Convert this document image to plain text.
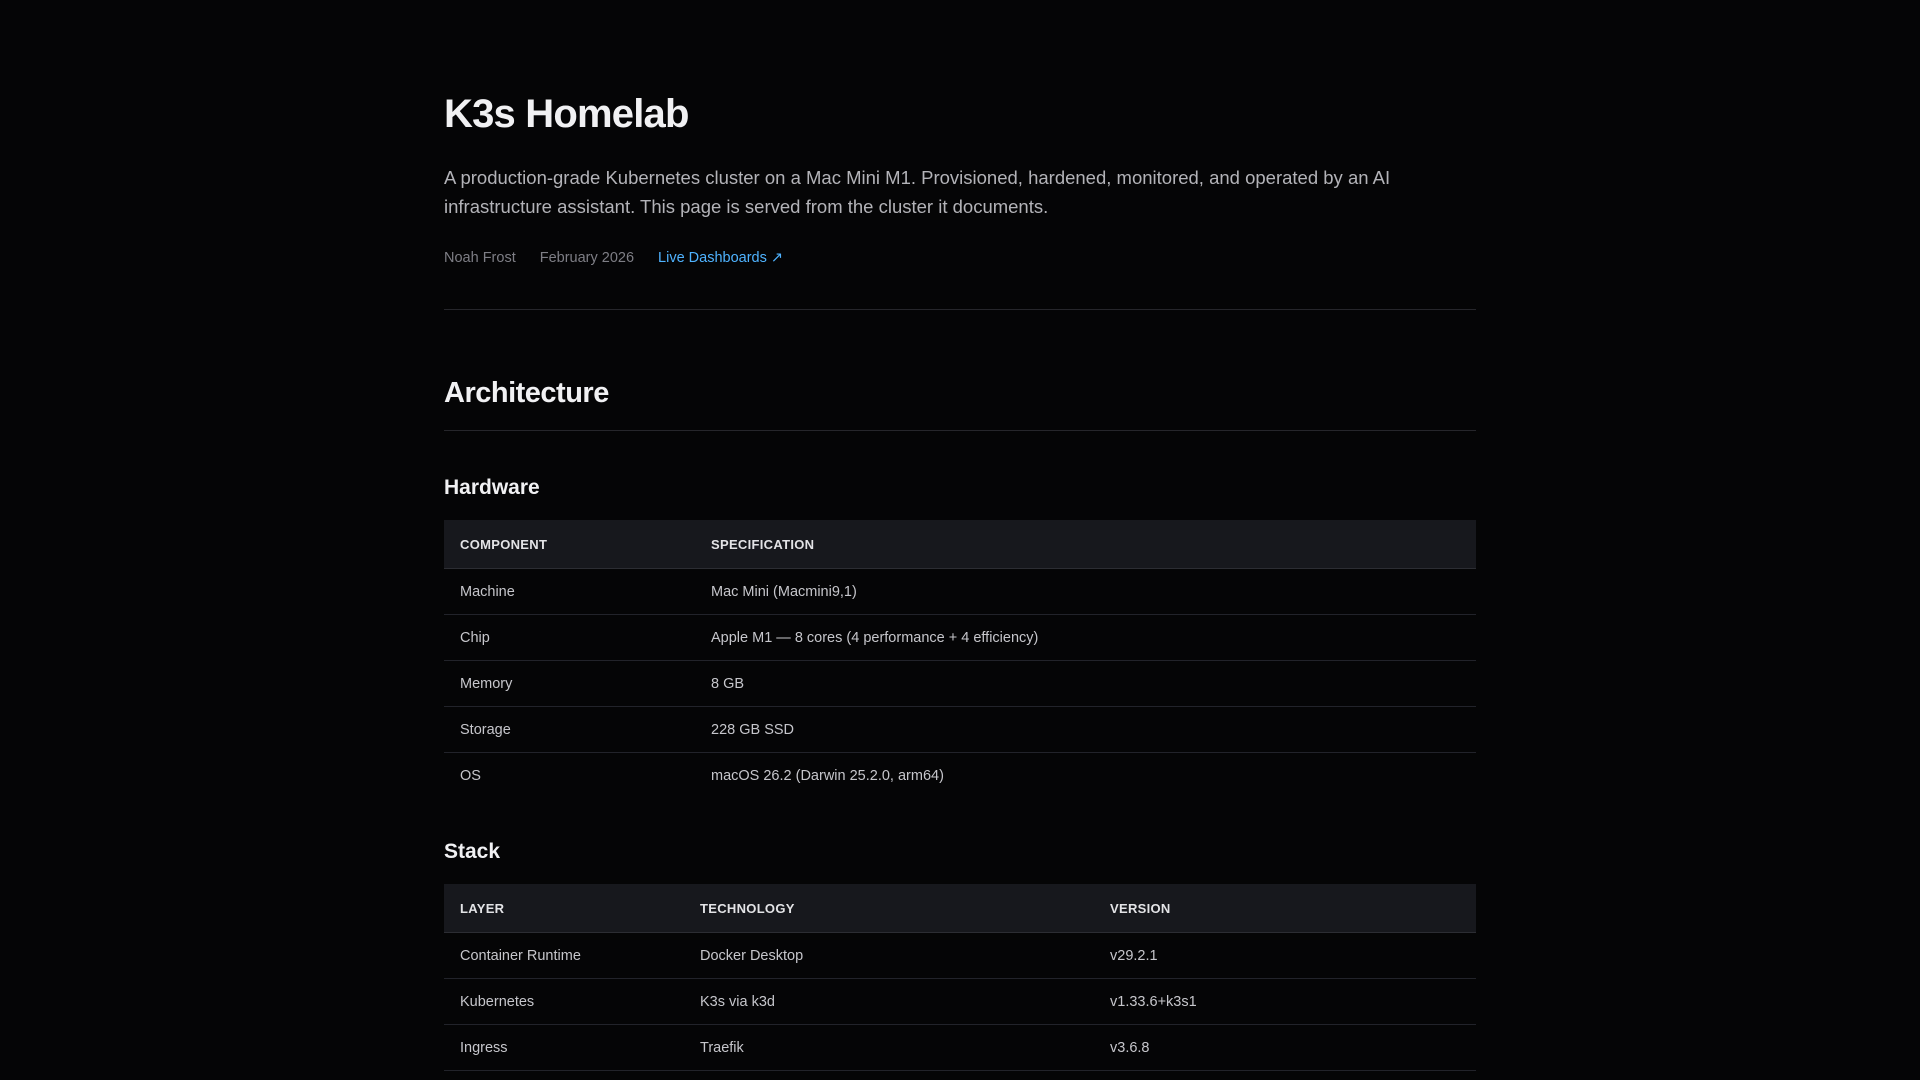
K3s Homelab

A production-grade Kubernetes cluster on a Mac Mini M1. Provisioned, hardened, monitored, and operated by an AI infrastructure assistant. This page is served from the cluster it documents.

Noah Frost February 2026 Live Dashboards ↗
Architecture
Hardware
COMPONENT	SPECIFICATION
Machine	Mac Mini (Macmini9,1)
Chip	Apple M1 — 8 cores (4 performance + 4 efficiency)
Memory	8 GB
Storage	228 GB SSD
OS	macOS 26.2 (Darwin 25.2.0, arm64)
Stack
LAYER	TECHNOLOGY	VERSION
Container Runtime	Docker Desktop	v29.2.1
Kubernetes	K3s via k3d	v1.33.6+k3s1
Ingress	Traefik	v3.6.8
